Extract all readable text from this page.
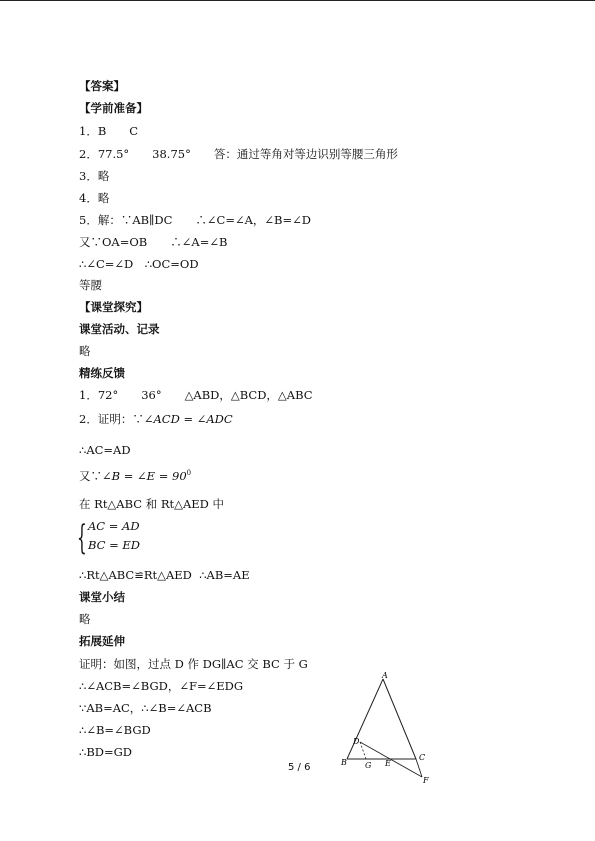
【答案】
【学前准备】
1．B　　C
2．77.5°　　38.75°　　答：通过等角对等边识别等腰三角形
3．略
4．略
5．解：∵AB∥DC　　∴∠C=∠A，∠B=∠D
又∵OA=OB　　∴∠A=∠B
∴∠C=∠D　∴OC=OD
等腰
【课堂探究】
课堂活动、记录
略
精练反馈
1．72°　　36°　　△ABD，△BCD，△ABC
2．证明：∵∠ACD = ∠ADC
∴AC=AD
又∵∠B = ∠E = $90^0$
在 Rt△ABC 和 Rt△AED 中
{ AC = AD
BC = ED
∴Rt△ABC≌Rt△AED  ∴AB=AE
课堂小结
略
拓展延伸
证明：如图，过点 D 作 DG∥AC 交 BC 于 G
∴∠ACB=∠BGD，∠F=∠EDG
∵AB=AC，∴∠B=∠ACB
∴∠B=∠BGD
∴BD=GD
A
D
B G E
C
F
5 / 6
